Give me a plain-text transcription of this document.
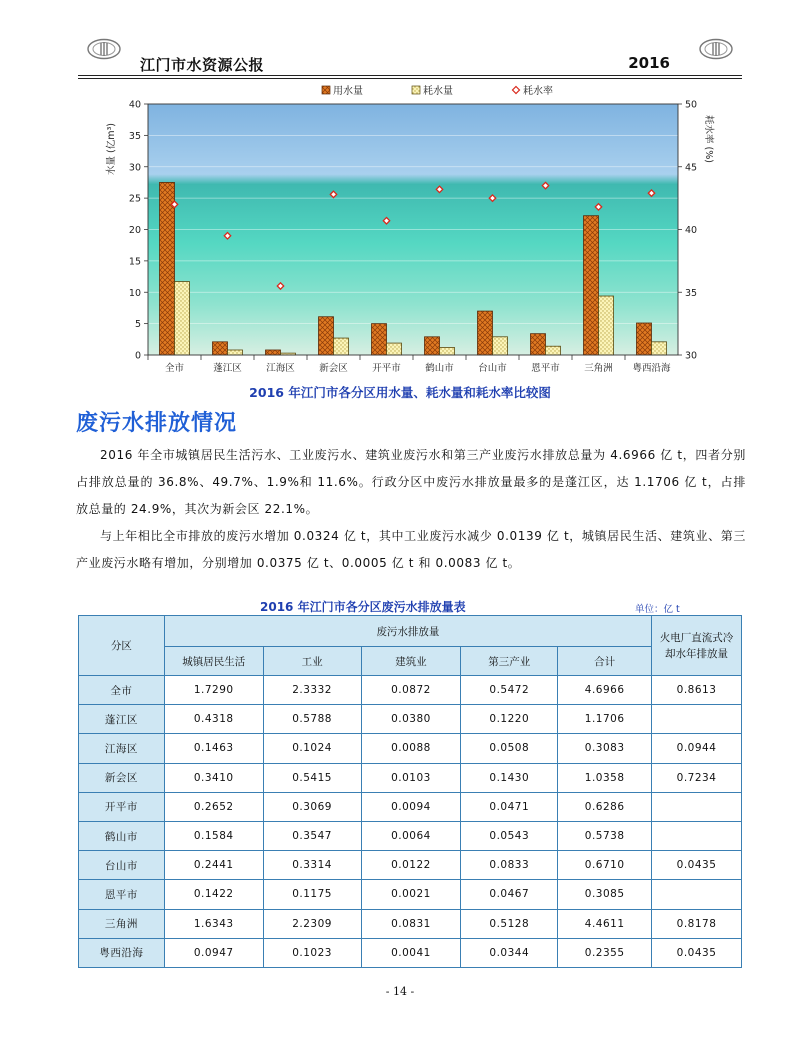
江门市水资源公报	2016
用水量	耗水量	耗水率
0
5
10
15
20
25
30
35
40
30
35
40
45
50
水量 (亿m³)	耗水率 (%)
全市	蓬江区	江海区	新会区	开平市	鹤山市	台山市	恩平市	三角洲 粤西沿海
2016 年江门市各分区用水量、耗水量和耗水率比较图
废污水排放情况
2016 年全市城镇居民生活污水、工业废污水、建筑业废污水和第三产业废污水排放总量为 4.6966 亿 t，四者分别占排放总量的 36.8%、49.7%、1.9%和 11.6%。行政分区中废污水排放量最多的是蓬江区，达 1.1706 亿 t，占排放总量的 24.9%，其次为新会区 22.1%。
与上年相比全市排放的废污水增加 0.0324 亿 t，其中工业废污水减少 0.0139 亿 t，城镇居民生活、建筑业、第三产业废污水略有增加，分别增加 0.0375 亿 t、0.0005 亿 t 和 0.0083 亿 t。
2016 年江门市各分区废污水排放量表	单位：亿 t
分区	废污水排放量					火电厂直流式冷却水年排放量
	城镇居民生活	工业	建筑业	第三产业	合计	
全市	1.7290	2.3332	0.0872	0.5472	4.6966	0.8613
蓬江区	0.4318	0.5788	0.0380	0.1220	1.1706	
江海区	0.1463	0.1024	0.0088	0.0508	0.3083	0.0944
新会区	0.3410	0.5415	0.0103	0.1430	1.0358	0.7234
开平市	0.2652	0.3069	0.0094	0.0471	0.6286	
鹤山市	0.1584	0.3547	0.0064	0.0543	0.5738	
台山市	0.2441	0.3314	0.0122	0.0833	0.6710	0.0435
恩平市	0.1422	0.1175	0.0021	0.0467	0.3085	
三角洲	1.6343	2.2309	0.0831	0.5128	4.4611	0.8178
粤西沿海	0.0947	0.1023	0.0041	0.0344	0.2355	0.0435
- 14 -
